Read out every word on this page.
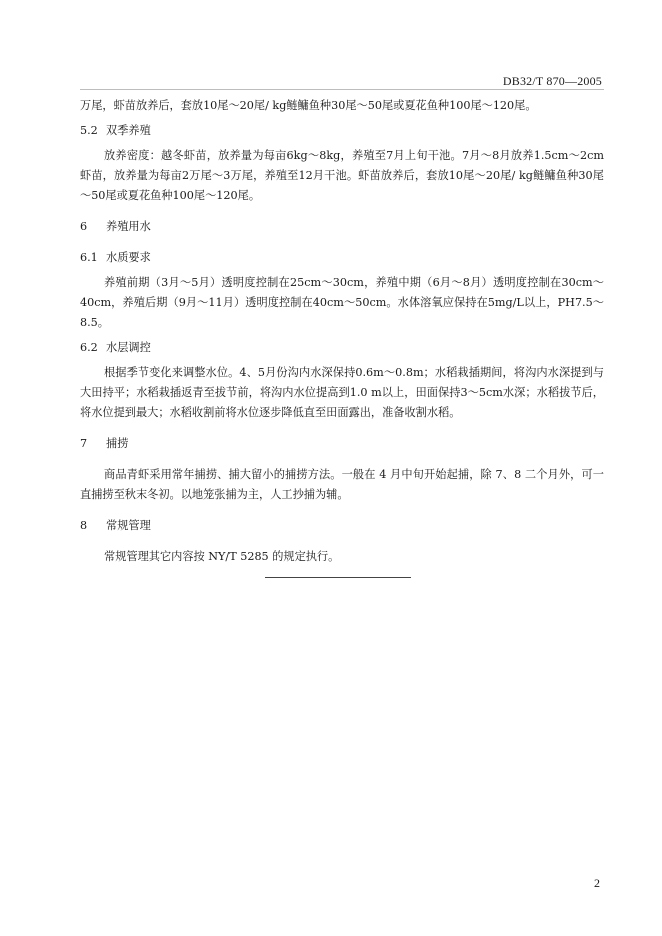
DB32/T 870—2005

万尾，虾苗放养后，套放10尾～20尾/ kg鲢鳙鱼种30尾～50尾或夏花鱼种100尾～120尾。

5.2 双季养殖

放养密度：越冬虾苗，放养量为每亩6kg～8kg，养殖至7月上旬干池。7月～8月放养1.5cm～2cm虾苗，放养量为每亩2万尾～3万尾，养殖至12月干池。虾苗放养后，套放10尾～20尾/ kg鲢鳙鱼种30尾～50尾或夏花鱼种100尾～120尾。

6	养殖用水
6.1 水质要求

养殖前期（3月～5月）透明度控制在25cm～30cm，养殖中期（6月～8月）透明度控制在30cm～40cm，养殖后期（9月～11月）透明度控制在40cm～50cm。水体溶氧应保持在5mg/L以上，PH7.5～8.5。

6.2 水层调控

根据季节变化来调整水位。4、5月份沟内水深保持0.6m～0.8m；水稻栽插期间，将沟内水深提到与大田持平；水稻栽插返青至拔节前，将沟内水位提高到1.0 m以上，田面保持3～5cm水深；水稻拔节后，将水位提到最大；水稻收割前将水位逐步降低直至田面露出，准备收割水稻。

7	捕捞

商品青虾采用常年捕捞、捕大留小的捕捞方法。一般在 4 月中旬开始起捕，除 7、8 二个月外，可一直捕捞至秋末冬初。以地笼张捕为主，人工抄捕为辅。

8	常规管理

常规管理其它内容按 NY/T 5285 的规定执行。

2
